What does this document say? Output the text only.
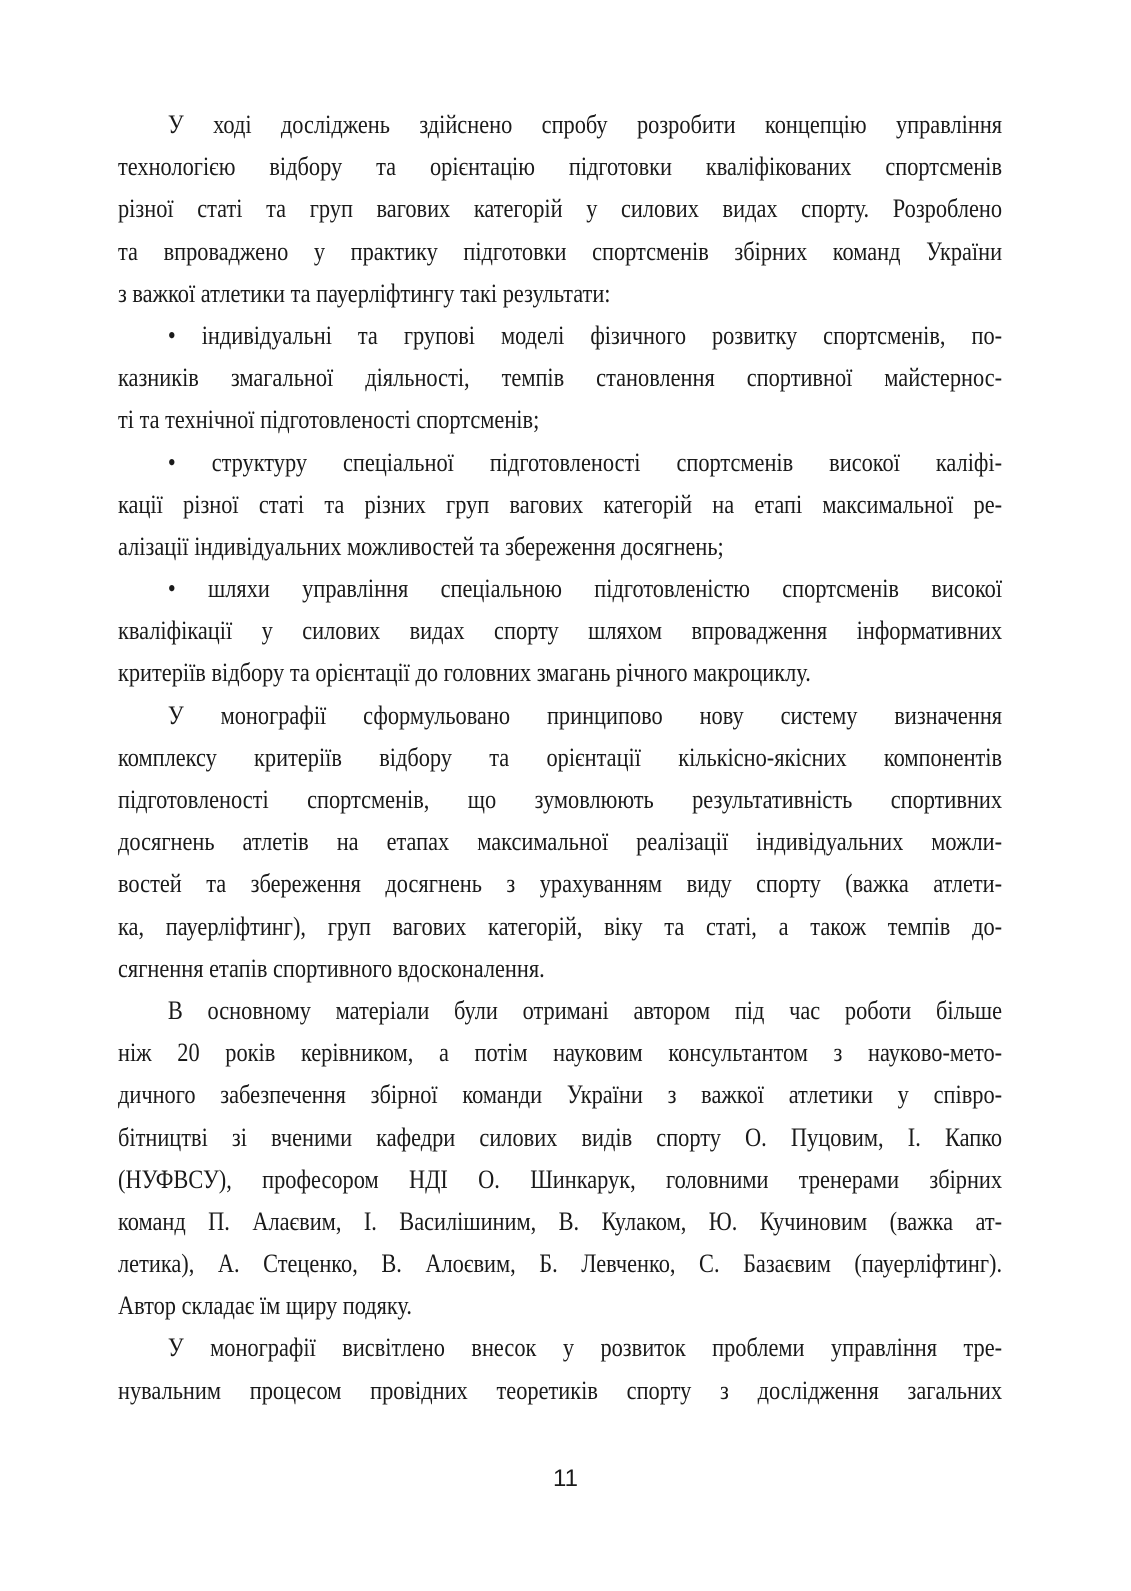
У ході досліджень здійснено спробу розробити концепцію управління
технологією відбору та орієнтацію підготовки кваліфікованих спортсменів
різної статі та груп вагових категорій у силових видах спорту. Розроблено
та впроваджено у практику підготовки спортсменів збірних команд України
з важкої атлетики та пауерліфтингу такі результати:
• індивідуальні та групові моделі фізичного розвитку спортсменів, по-
казників змагальної діяльності, темпів становлення спортивної майстернос-
ті та технічної підготовленості спортсменів;
• структуру спеціальної підготовленості спортсменів високої каліфі-
кації різної статі та різних груп вагових категорій на етапі максимальної ре-
алізації індивідуальних можливостей та збереження досягнень;
• шляхи управління спеціальною підготовленістю спортсменів високої
кваліфікації у силових видах спорту шляхом впровадження інформативних
критеріїв відбору та орієнтації до головних змагань річного макроциклу.
У монографії сформульовано принципово нову систему визначення
комплексу критеріїв відбору та орієнтації кількісно-якісних компонентів
підготовленості спортсменів, що зумовлюють результативність спортивних
досягнень атлетів на етапах максимальної реалізації індивідуальних можли-
востей та збереження досягнень з урахуванням виду спорту (важка атлети-
ка, пауерліфтинг), груп вагових категорій, віку та статі, а також темпів до-
сягнення етапів спортивного вдосконалення.
В основному матеріали були отримані автором під час роботи більше
ніж 20 років керівником, а потім науковим консультантом з науково-мето-
дичного забезпечення збірної команди України з важкої атлетики у співро-
бітництві зі вченими кафедри силових видів спорту О. Пуцовим, І. Капко
(НУФВСУ), професором НДІ О. Шинкарук, головними тренерами збірних
команд П. Алаєвим, І. Василішиним, В. Кулаком, Ю. Кучиновим (важка ат-
летика), А. Стеценко, В. Алоєвим, Б. Левченко, С. Базаєвим (пауерліфтинг).
Автор складає їм щиру подяку.
У монографії висвітлено внесок у розвиток проблеми управління тре-
нувальним процесом провідних теоретиків спорту з дослідження загальних
11
